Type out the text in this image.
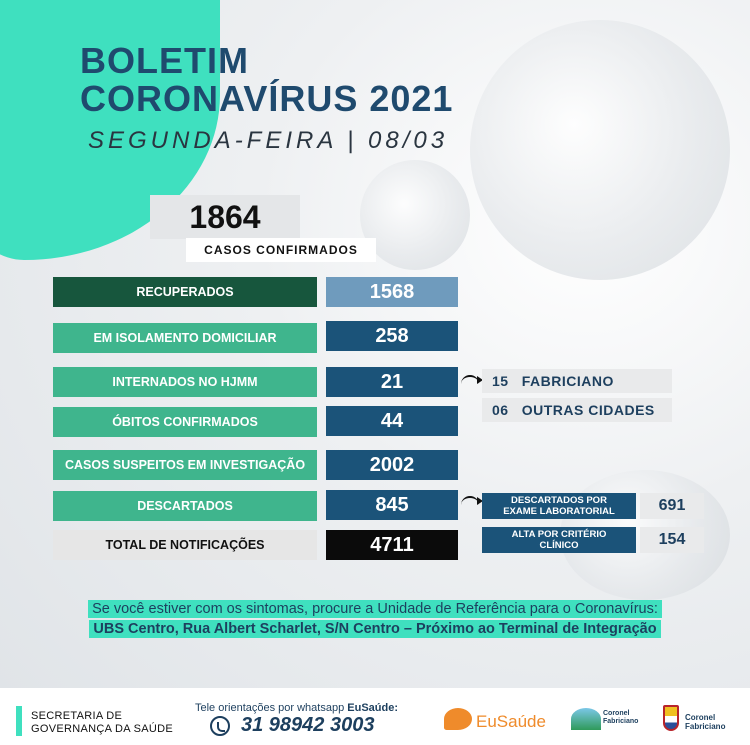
BOLETIM
CORONAVÍRUS 2021
SEGUNDA-FEIRA | 08/03
1864
CASOS CONFIRMADOS
RECUPERADOS	1568
EM ISOLAMENTO DOMICILIAR	258
INTERNADOS NO HJMM	21
ÓBITOS CONFIRMADOS	44
CASOS SUSPEITOS EM INVESTIGAÇÃO	2002
DESCARTADOS	845
TOTAL DE NOTIFICAÇÕES	4711
15 FABRICIANO
06 OUTRAS CIDADES
DESCARTADOS POR
EXAME LABORATORIAL	691
ALTA POR CRITÉRIO
CLÍNICO	154
Se você estiver com os sintomas, procure a Unidade de Referência para o Coronavírus:
UBS Centro, Rua Albert Scharlet, S/N Centro – Próximo ao Terminal de Integração
SECRETARIA DE
GOVERNANÇA DA SAÚDE
Tele orientações por whatsapp EuSaúde:
31 98942 3003	EuSaúde	Coronel
Fabriciano	Coronel
Fabriciano
